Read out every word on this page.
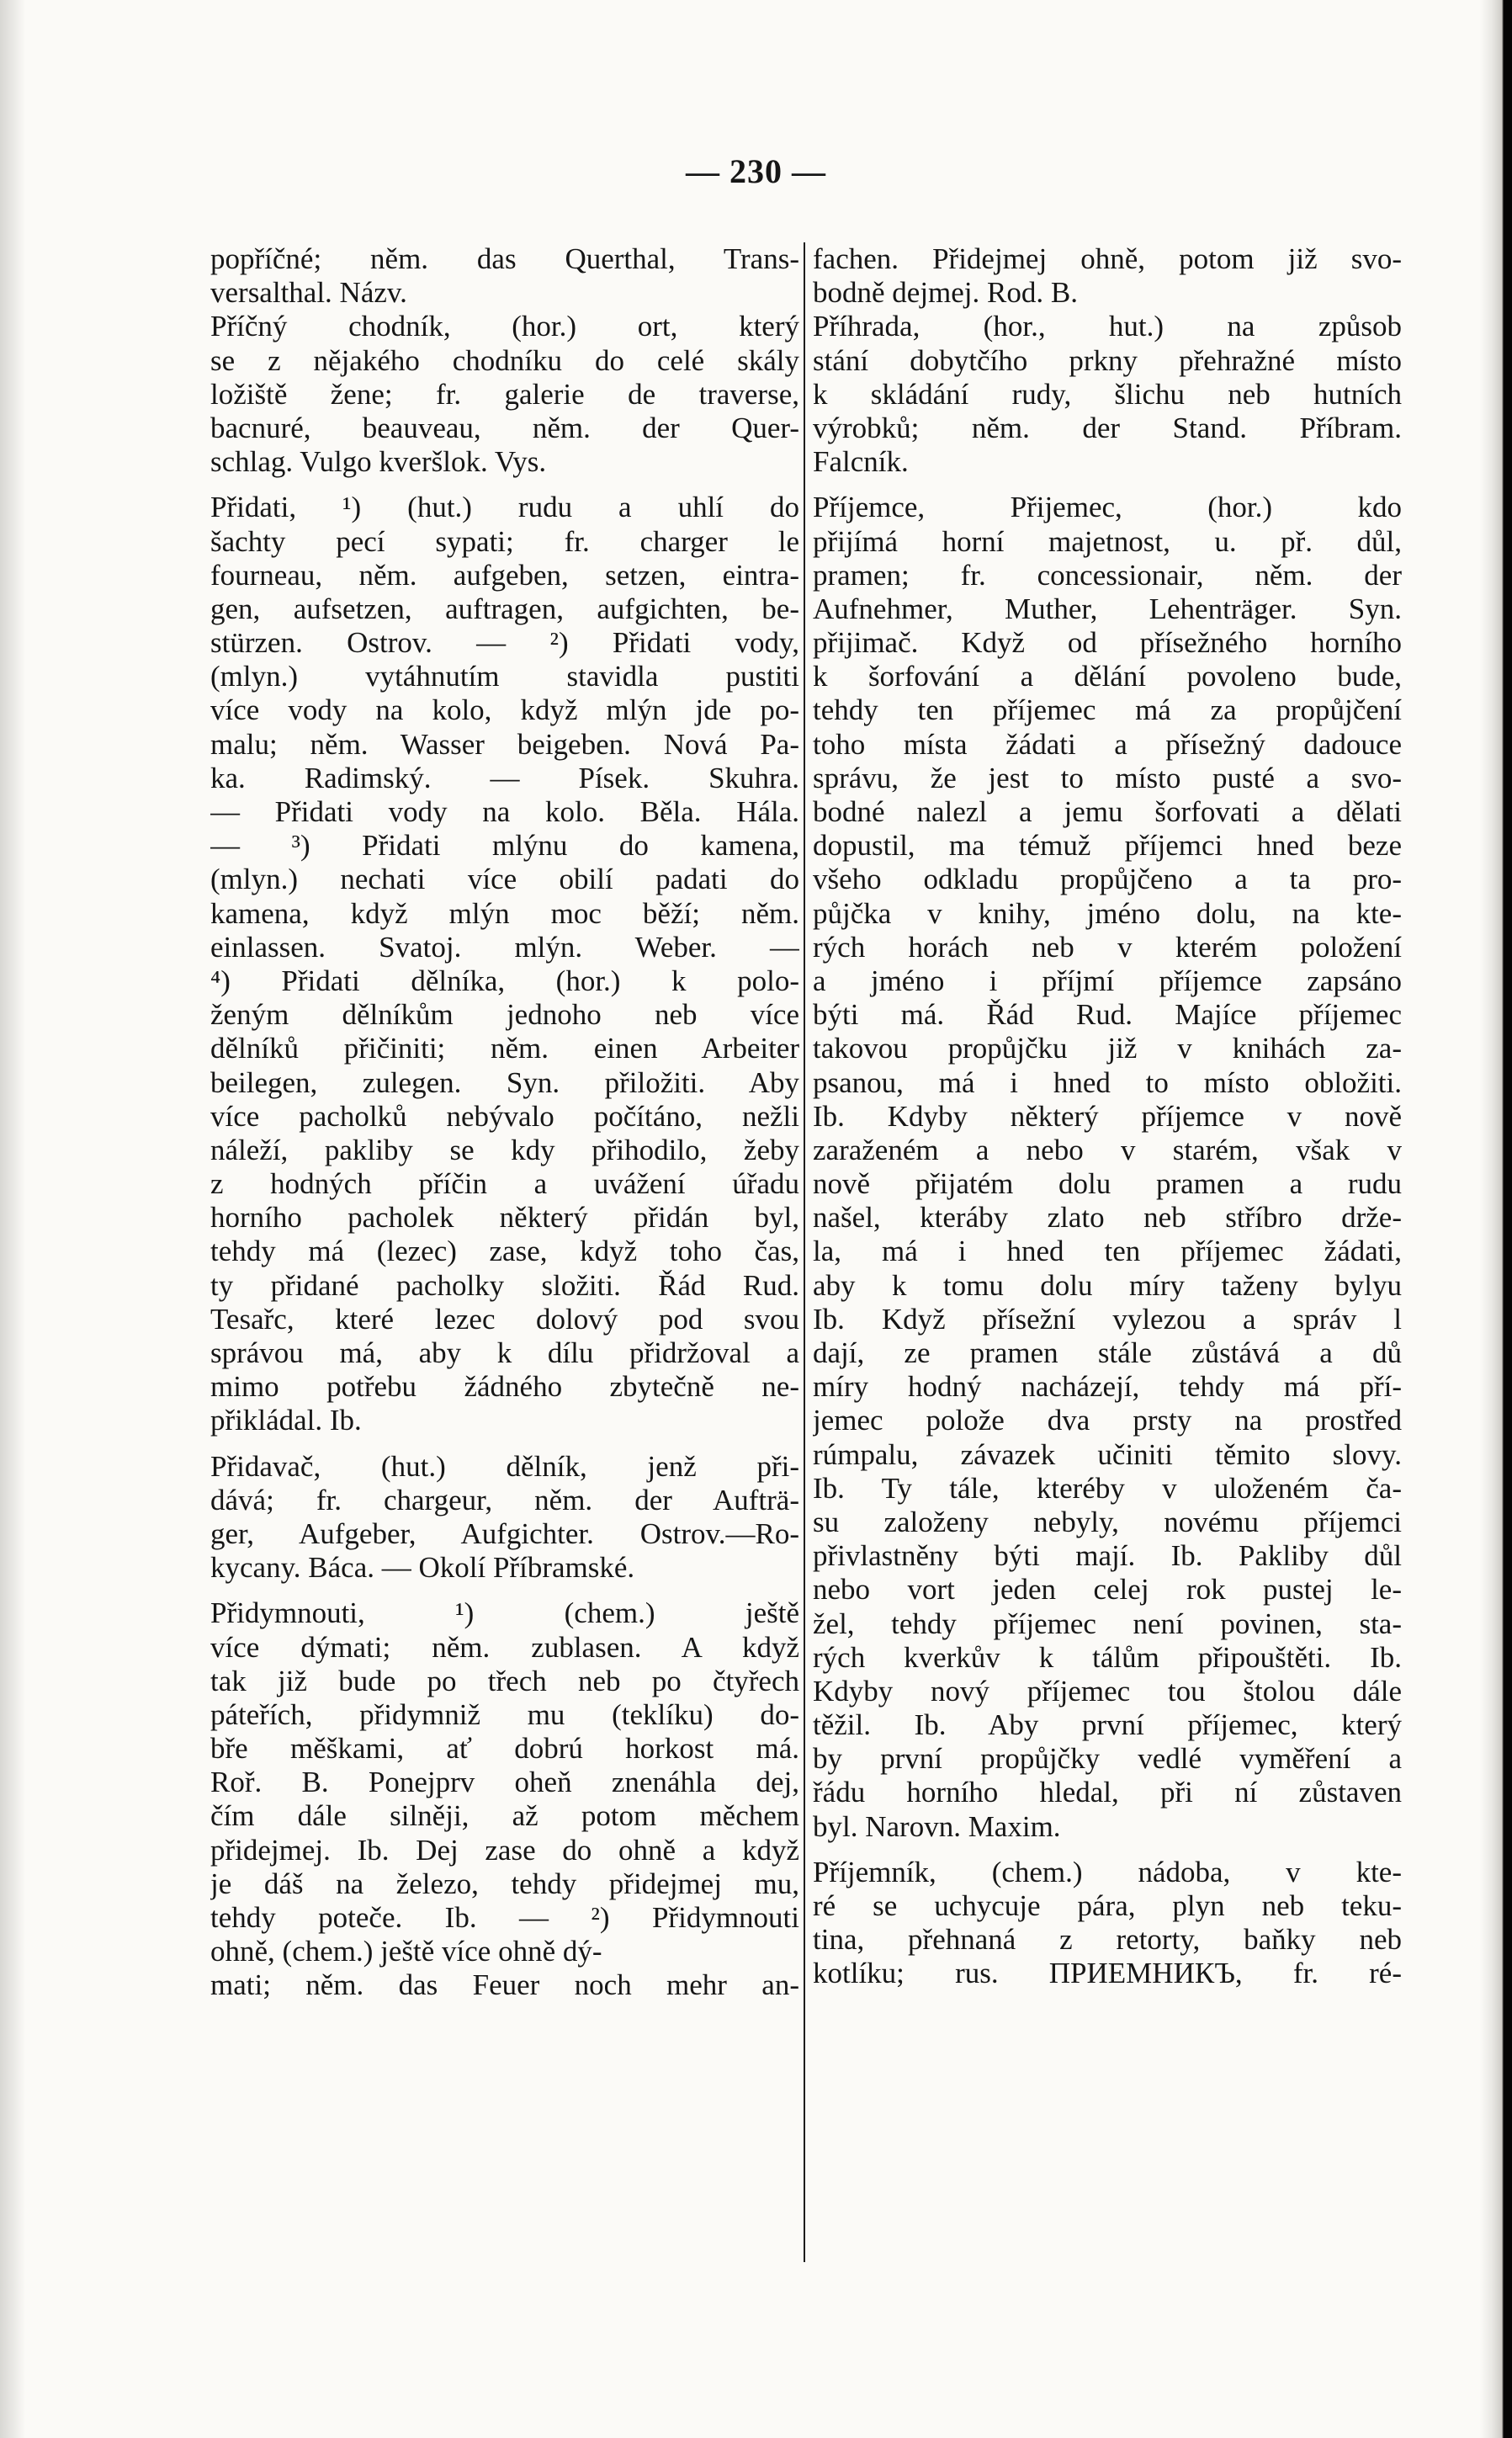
— 230 —
popříčné; něm. das Querthal, Trans-
versalthal. Názv.
Příčný chodník, (hor.) ort, který
se z nějakého chodníku do celé skály
ložiště žene; fr. galerie de traverse,
bacnuré, beauveau, něm. der Quer-
schlag. Vulgo kveršlok. Vys.
Přidati, ¹) (hut.) rudu a uhlí do
šachty pecí sypati; fr. charger le
fourneau, něm. aufgeben, setzen, eintra-
gen, aufsetzen, auftragen, aufgichten, be-
stürzen. Ostrov. — ²) Přidati vody,
(mlyn.) vytáhnutím stavidla pustiti
více vody na kolo, když mlýn jde po-
malu; něm. Wasser beigeben. Nová Pa-
ka. Radimský. — Písek. Skuhra.
— Přidati vody na kolo. Běla. Hála.
— ³) Přidati mlýnu do kamena,
(mlyn.) nechati více obilí padati do
kamena, když mlýn moc běží; něm.
einlassen. Svatoj. mlýn. Weber. —
⁴) Přidati dělníka, (hor.) k polo-
ženým dělníkům jednoho neb více
dělníků přičiniti; něm. einen Arbeiter
beilegen, zulegen. Syn. přiložiti. Aby
více pacholků nebývalo počítáno, nežli
náleží, pakliby se kdy přihodilo, žeby
z hodných příčin a uvážení úřadu
horního pacholek některý přidán byl,
tehdy má (lezec) zase, když toho čas,
ty přidané pacholky složiti. Řád Rud.
Tesařc, které lezec dolový pod svou
správou má, aby k dílu přidržoval a
mimo potřebu žádného zbytečně ne-
přikládal. Ib.
Přidavač, (hut.) dělník, jenž při-
dává; fr. chargeur, něm. der Aufträ-
ger, Aufgeber, Aufgichter. Ostrov.—Ro-
kycany. Báca. — Okolí Příbramské.
Přidymnouti, ¹) (chem.) ještě
více dýmati; něm. zublasen. A když
tak již bude po třech neb po čtyřech
páteřích, přidymniž mu (teklíku) do-
bře měškami, ať dobrú horkost má.
Roř. B. Ponejprv oheň znenáhla dej,
čím dále silněji, až potom měchem
přidejmej. Ib. Dej zase do ohně a když
je dáš na železo, tehdy přidejmej mu,
tehdy poteče. Ib. — ²) Přidymnouti
ohně, (chem.) ještě více ohně dý-
mati; něm. das Feuer noch mehr an-
fachen. Přidejmej ohně, potom již svo-
bodně dejmej. Rod. B.
Příhrada, (hor., hut.) na způsob
stání dobytčího prkny přehražné místo
k skládání rudy, šlichu neb hutních
výrobků; něm. der Stand. Příbram.
Falcník.
Příjemce, Přijemec, (hor.) kdo
přijímá horní majetnost, u. př. důl,
pramen; fr. concessionair, něm. der
Aufnehmer, Muther, Lehenträger. Syn.
přijimač. Když od přísežného horního
k šorfování a dělání povoleno bude,
tehdy ten příjemec má za propůjčení
toho místa žádati a přísežný dadouce
správu, že jest to místo pusté a svo-
bodné nalezl a jemu šorfovati a dělati
dopustil, ma témuž příjemci hned beze
všeho odkladu propůjčeno a ta pro-
půjčka v knihy, jméno dolu, na kte-
rých horách neb v kterém položení
a jméno i příjmí příjemce zapsáno
býti má. Řád Rud. Majíce příjemec
takovou propůjčku již v knihách za-
psanou, má i hned to místo obložiti.
Ib. Kdyby některý příjemce v nově
zaraženém a nebo v starém, však v
nově přijatém dolu pramen a rudu
našel, kteráby zlato neb stříbro drže-
la, má i hned ten příjemec žádati,
aby k tomu dolu míry taženy bylyu
Ib. Když přísežní vylezou a správ l
dají, ze pramen stále zůstává a dů
míry hodný nacházejí, tehdy má pří-
jemec polože dva prsty na prostřed
rúmpalu, závazek učiniti těmito slovy.
Ib. Ty tále, kteréby v uloženém ča-
su založeny nebyly, novému příjemci
přivlastněny býti mají. Ib. Pakliby důl
nebo vort jeden celej rok pustej le-
žel, tehdy příjemec není povinen, sta-
rých kverkův k tálům připouštěti. Ib.
Kdyby nový příjemec tou štolou dále
těžil. Ib. Aby první příjemec, který
by první propůjčky vedlé vyměření a
řádu horního hledal, při ní zůstaven
byl. Narovn. Maxim.
Příjemník, (chem.) nádoba, v kte-
ré se uchycuje pára, plyn neb teku-
tina, přehnaná z retorty, baňky neb
kotlíku; rus. ПРИЕМНИКЪ, fr. ré-
